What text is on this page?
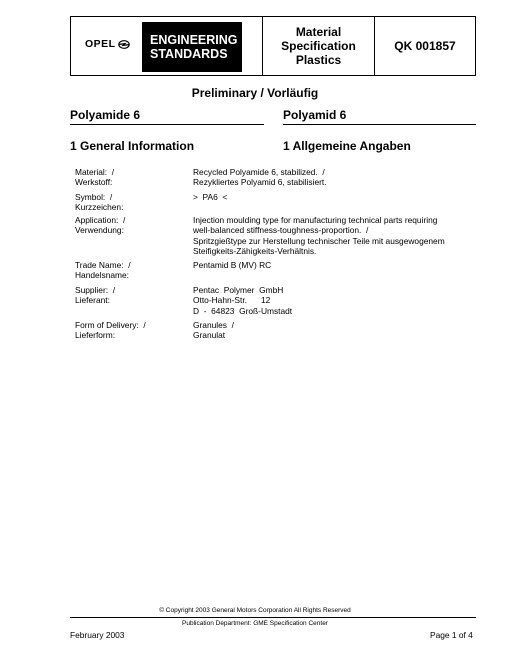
OPEL	ENGINEERING
STANDARDS
Material
Specification
Plastics
QK 001857
Preliminary / Vorläufig
Polyamide 6	Polyamid 6
1 General Information	1 Allgemeine Angaben
Material:  /
Werkstoff:
Recycled Polyamide 6, stabilized.  /
Rezykliertes Polyamid 6, stabilisiert.
Symbol:  /
Kurzzeichen:
>  PA6  <
Application:  /
Verwendung:
Injection moulding type for manufacturing technical parts requiring
well-balanced stiffness-toughness-proportion.  /
Spritzgießtype zur Herstellung technischer Teile mit ausgewogenem
Steifigkeits-Zähigkeits-Verhältnis.
Trade Name:  /
Handelsname:
Pentamid B (MV) RC
Supplier:  /
Lieferant:
Pentac  Polymer  GmbH
Otto-Hahn-Str.      12
D  -  64823  Groß-Umstadt
Form of Delivery:  /
Lieferform:
Granules  /
Granulat
© Copyright 2003 General Motors Corporation All Rights Reserved
Publication Department: GME Specification Center
February 2003	Page 1 of 4
